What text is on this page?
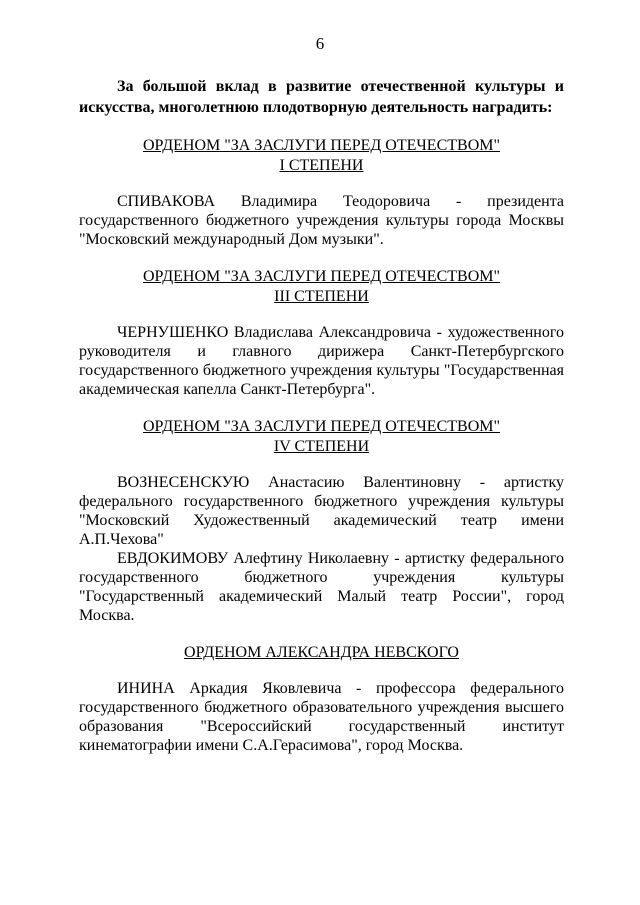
6

За большой вклад в развитие отечественной культуры и искусства, многолетнюю плодотворную деятельность наградить:

ОРДЕНОМ "ЗА ЗАСЛУГИ ПЕРЕД ОТЕЧЕСТВОМ"
I СТЕПЕНИ

СПИВАКОВА Владимира Теодоровича - президента государственного бюджетного учреждения культуры города Москвы "Московский международный Дом музыки".

ОРДЕНОМ "ЗА ЗАСЛУГИ ПЕРЕД ОТЕЧЕСТВОМ"
III СТЕПЕНИ

ЧЕРНУШЕНКО Владислава Александровича - художественного руководителя и главного дирижера Санкт-Петербургского государственного бюджетного учреждения культуры "Государственная академическая капелла Санкт-Петербурга".

ОРДЕНОМ "ЗА ЗАСЛУГИ ПЕРЕД ОТЕЧЕСТВОМ"
IV СТЕПЕНИ

ВОЗНЕСЕНСКУЮ Анастасию Валентиновну - артистку федерального государственного бюджетного учреждения культуры "Московский Художественный академический театр имени А.П.Чехова"

ЕВДОКИМОВУ Алефтину Николаевну - артистку федерального государственного бюджетного учреждения культуры "Государственный академический Малый театр России", город Москва.

ОРДЕНОМ АЛЕКСАНДРА НЕВСКОГО

ИНИНА Аркадия Яковлевича - профессора федерального государственного бюджетного образовательного учреждения высшего образования "Всероссийский государственный институт кинематографии имени С.А.Герасимова", город Москва.
